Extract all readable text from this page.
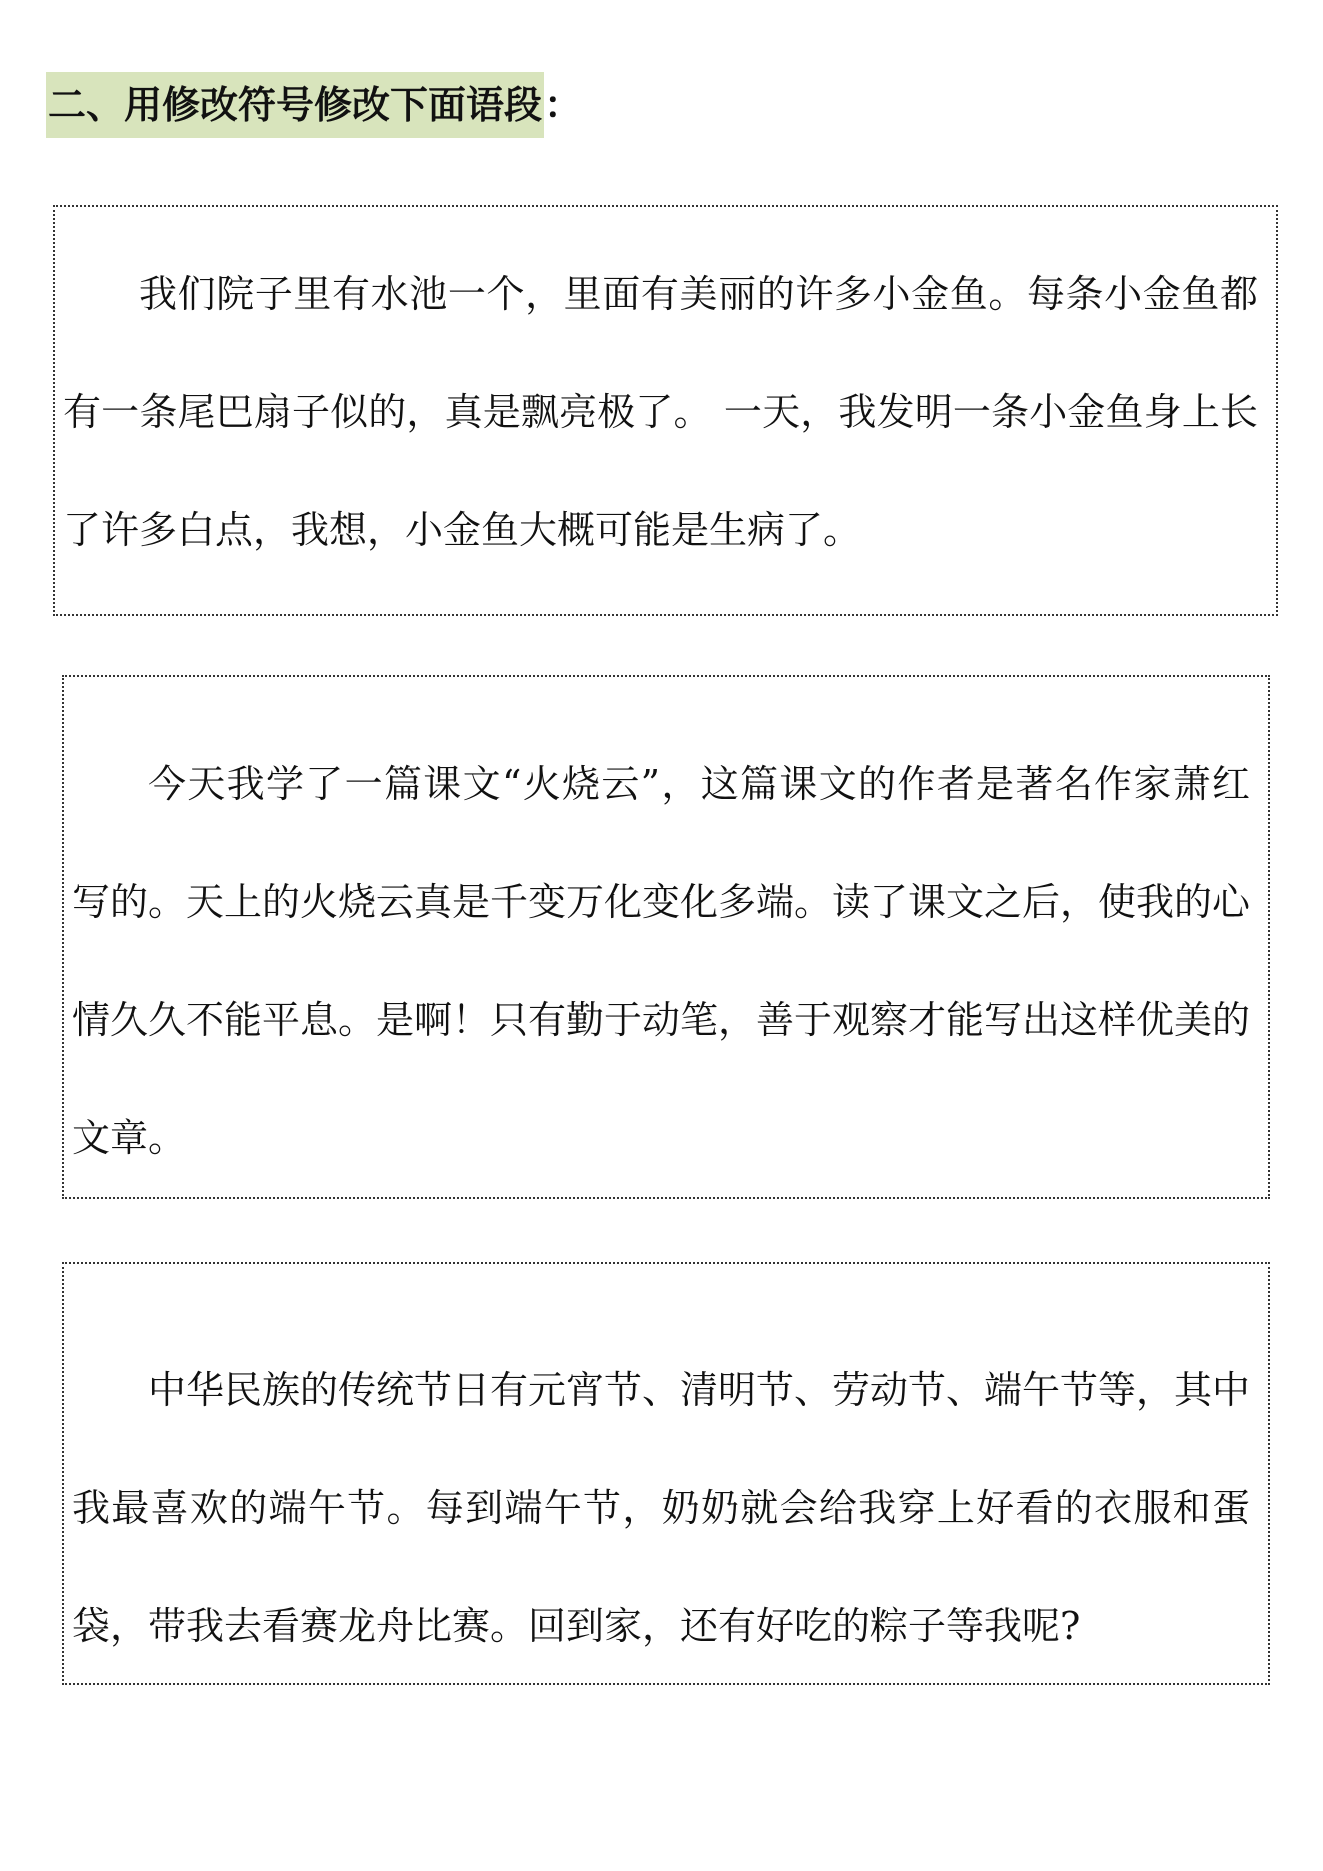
二、用修改符号修改下面语段：

我们院子里有水池一个，里面有美丽的许多小金鱼。每条小金鱼都有一条尾巴扇子似的，真是飘亮极了。 一天，我发明一条小金鱼身上长了许多白点，我想，小金鱼大概可能是生病了。

今天我学了一篇课文“火烧云”，这篇课文的作者是著名作家萧红写的。天上的火烧云真是千变万化变化多端。读了课文之后，使我的心情久久不能平息。是啊！只有勤于动笔，善于观察才能写出这样优美的文章。

中华民族的传统节日有元宵节、清明节、劳动节、端午节等，其中我最喜欢的端午节。每到端午节，奶奶就会给我穿上好看的衣服和蛋袋，带我去看赛龙舟比赛。回到家，还有好吃的粽子等我呢?
